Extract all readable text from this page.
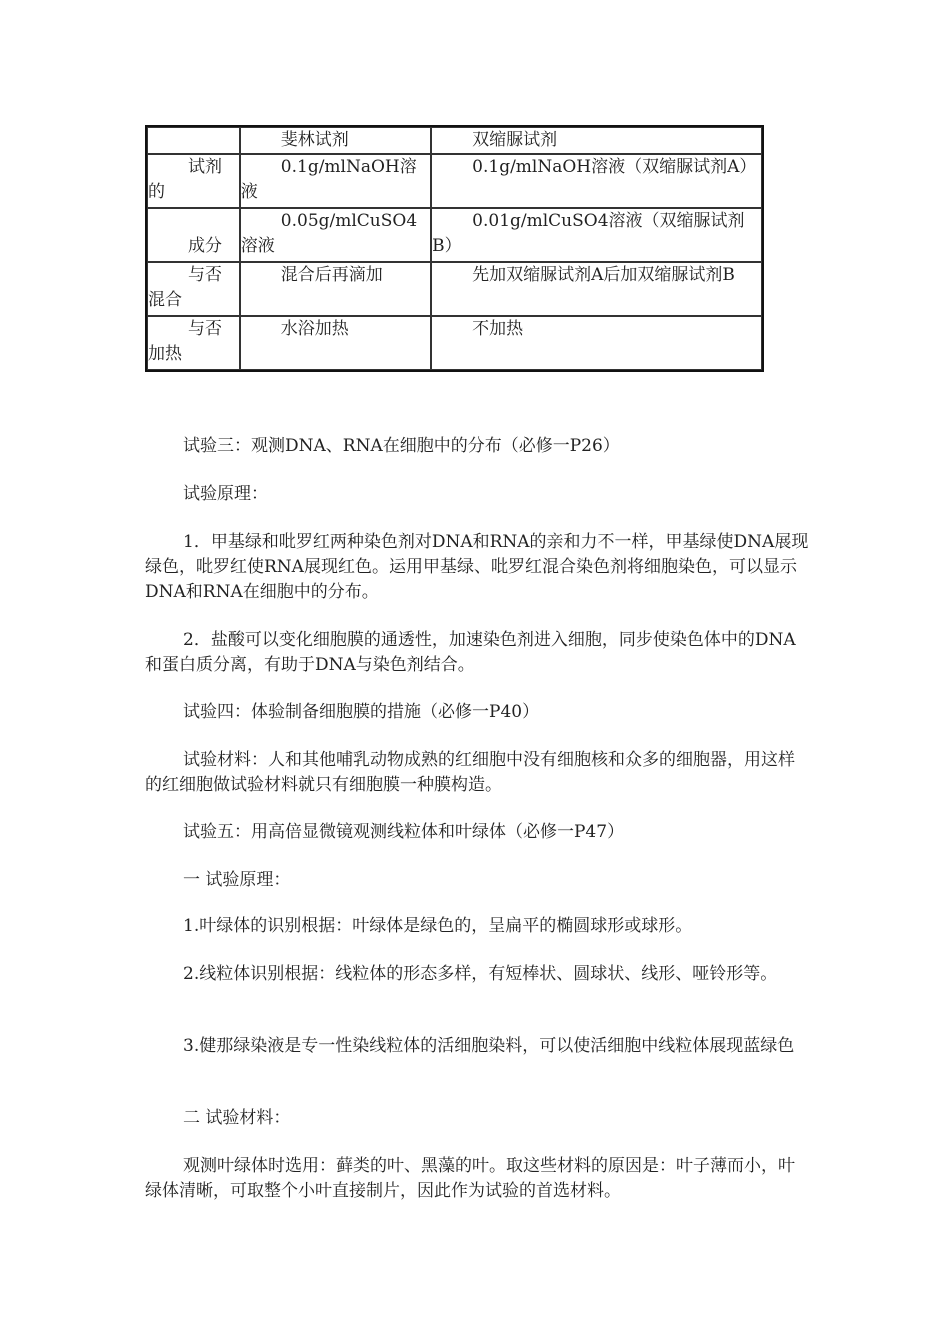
	斐林试剂	双缩脲试剂
试剂的	0.1g/mlNaOH溶液	0.1g/mlNaOH溶液（双缩脲试剂A）

成分	0.05g/mlCuSO4溶液	0.01g/mlCuSO4溶液（双缩脲试剂B）
与否混合	混合后再滴加	先加双缩脲试剂A后加双缩脲试剂B
与否加热	水浴加热	不加热

试验三：观测DNA、RNA在细胞中的分布（必修一P26）

试验原理：

1．甲基绿和吡罗红两种染色剂对DNA和RNA的亲和力不一样，甲基绿使DNA展现绿色，吡罗红使RNA展现红色。运用甲基绿、吡罗红混合染色剂将细胞染色，可以显示DNA和RNA在细胞中的分布。

2．盐酸可以变化细胞膜的通透性，加速染色剂进入细胞，同步使染色体中的DNA和蛋白质分离，有助于DNA与染色剂结合。

试验四：体验制备细胞膜的措施（必修一P40）

试验材料：人和其他哺乳动物成熟的红细胞中没有细胞核和众多的细胞器，用这样的红细胞做试验材料就只有细胞膜一种膜构造。

试验五：用高倍显微镜观测线粒体和叶绿体（必修一P47）

一 试验原理：

1.叶绿体的识别根据：叶绿体是绿色的，呈扁平的椭圆球形或球形。

2.线粒体识别根据：线粒体的形态多样，有短棒状、圆球状、线形、哑铃形等。

3.健那绿染液是专一性染线粒体的活细胞染料，可以使活细胞中线粒体展现蓝绿色

二 试验材料：

观测叶绿体时选用：藓类的叶、黑藻的叶。取这些材料的原因是：叶子薄而小，叶绿体清晰，可取整个小叶直接制片，因此作为试验的首选材料。
